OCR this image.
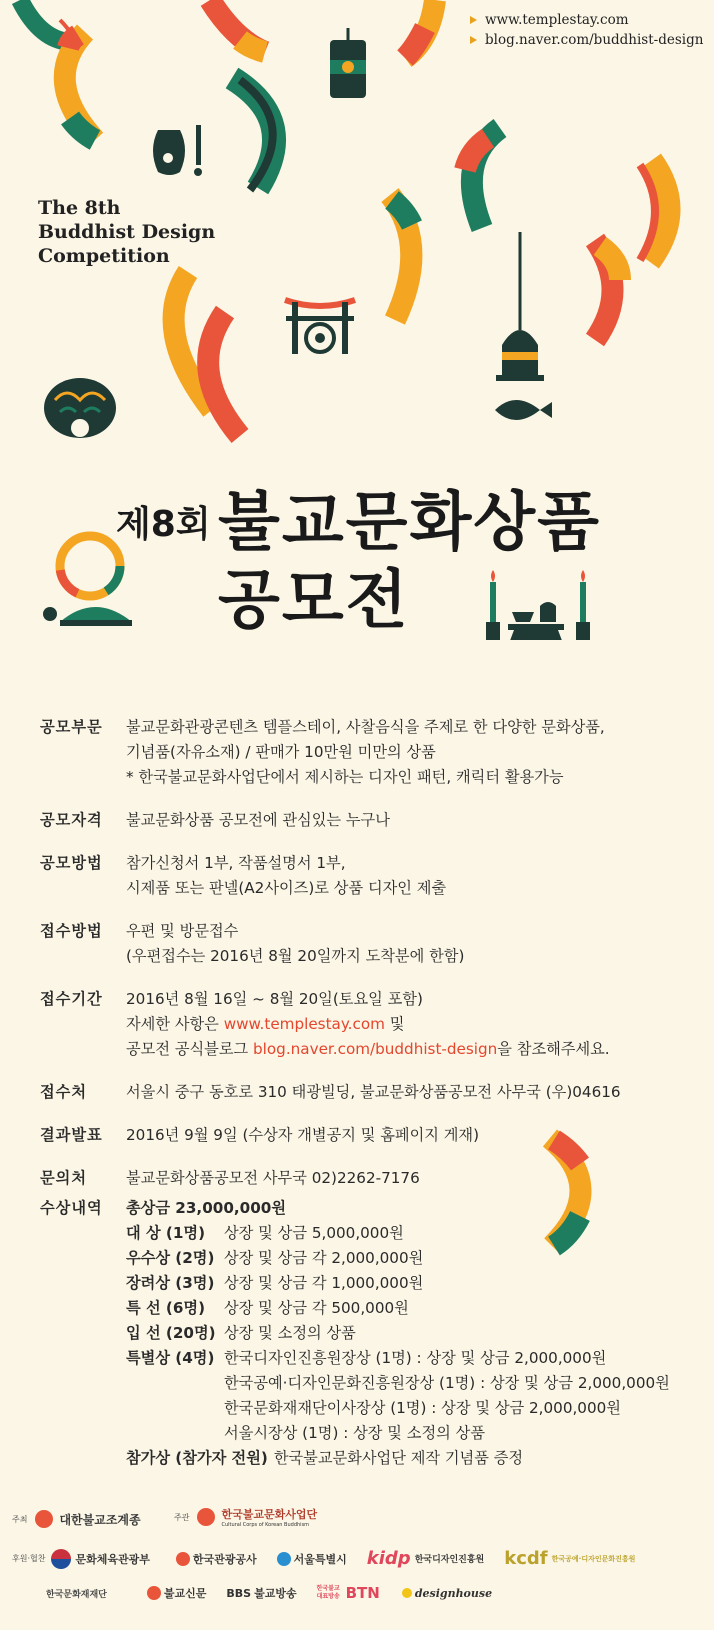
www.templestay.com
blog.naver.com/buddhist-design
The 8th
Buddhist Design
Competition
제8회 불교문화상품
공모전
공모부문	불교문화관광콘텐츠 템플스테이, 사찰음식을 주제로 한 다양한 문화상품,
기념품(자유소재) / 판매가 10만원 미만의 상품
* 한국불교문화사업단에서 제시하는 디자인 패턴, 캐릭터 활용가능
공모자격	불교문화상품 공모전에 관심있는 누구나
공모방법	참가신청서 1부, 작품설명서 1부,
시제품 또는 판넬(A2사이즈)로 상품 디자인 제출
접수방법	우편 및 방문접수
(우편접수는 2016년 8월 20일까지 도착분에 한함)
접수기간	2016년 8월 16일 ~ 8월 20일(토요일 포함)
자세한 사항은 www.templestay.com 및
공모전 공식블로그 blog.naver.com/buddhist-design을 참조해주세요.
접수처	서울시 중구 동호로 310 태광빌딩, 불교문화상품공모전 사무국 (우)04616
결과발표	2016년 9월 9일 (수상자 개별공지 및 홈페이지 게재)
문의처	불교문화상품공모전 사무국 02)2262-7176
수상내역	총상금 23,000,000원
대 상 (1명)	상장 및 상금 5,000,000원
우수상 (2명) 상장 및 상금 각 2,000,000원
장려상 (3명) 상장 및 상금 각 1,000,000원
특 선 (6명)	상장 및 상금 각 500,000원
입 선 (20명) 상장 및 소정의 상품
특별상 (4명) 한국디자인진흥원장상 (1명) : 상장 및 상금 2,000,000원
한국공예·디자인문화진흥원장상 (1명) : 상장 및 상금 2,000,000원
한국문화재재단이사장상 (1명) : 상장 및 상금 2,000,000원
서울시장상 (1명) : 상장 및 소정의 상품
참가상 (참가자 전원) 한국불교문화사업단 제작 기념품 증정
주최	대한불교조계종	주관	한국불교문화사업단
Cultural Corps of Korean Buddhism
후원·협찬	문화체육관광부	한국관광공사	서울특별시 kidp 한국디자인진흥원 kcdf 한국공예·디자인문화진흥원
한국문화재재단	불교신문 BBS 불교방송	한국불교 대표방송 BTN	designhouse
